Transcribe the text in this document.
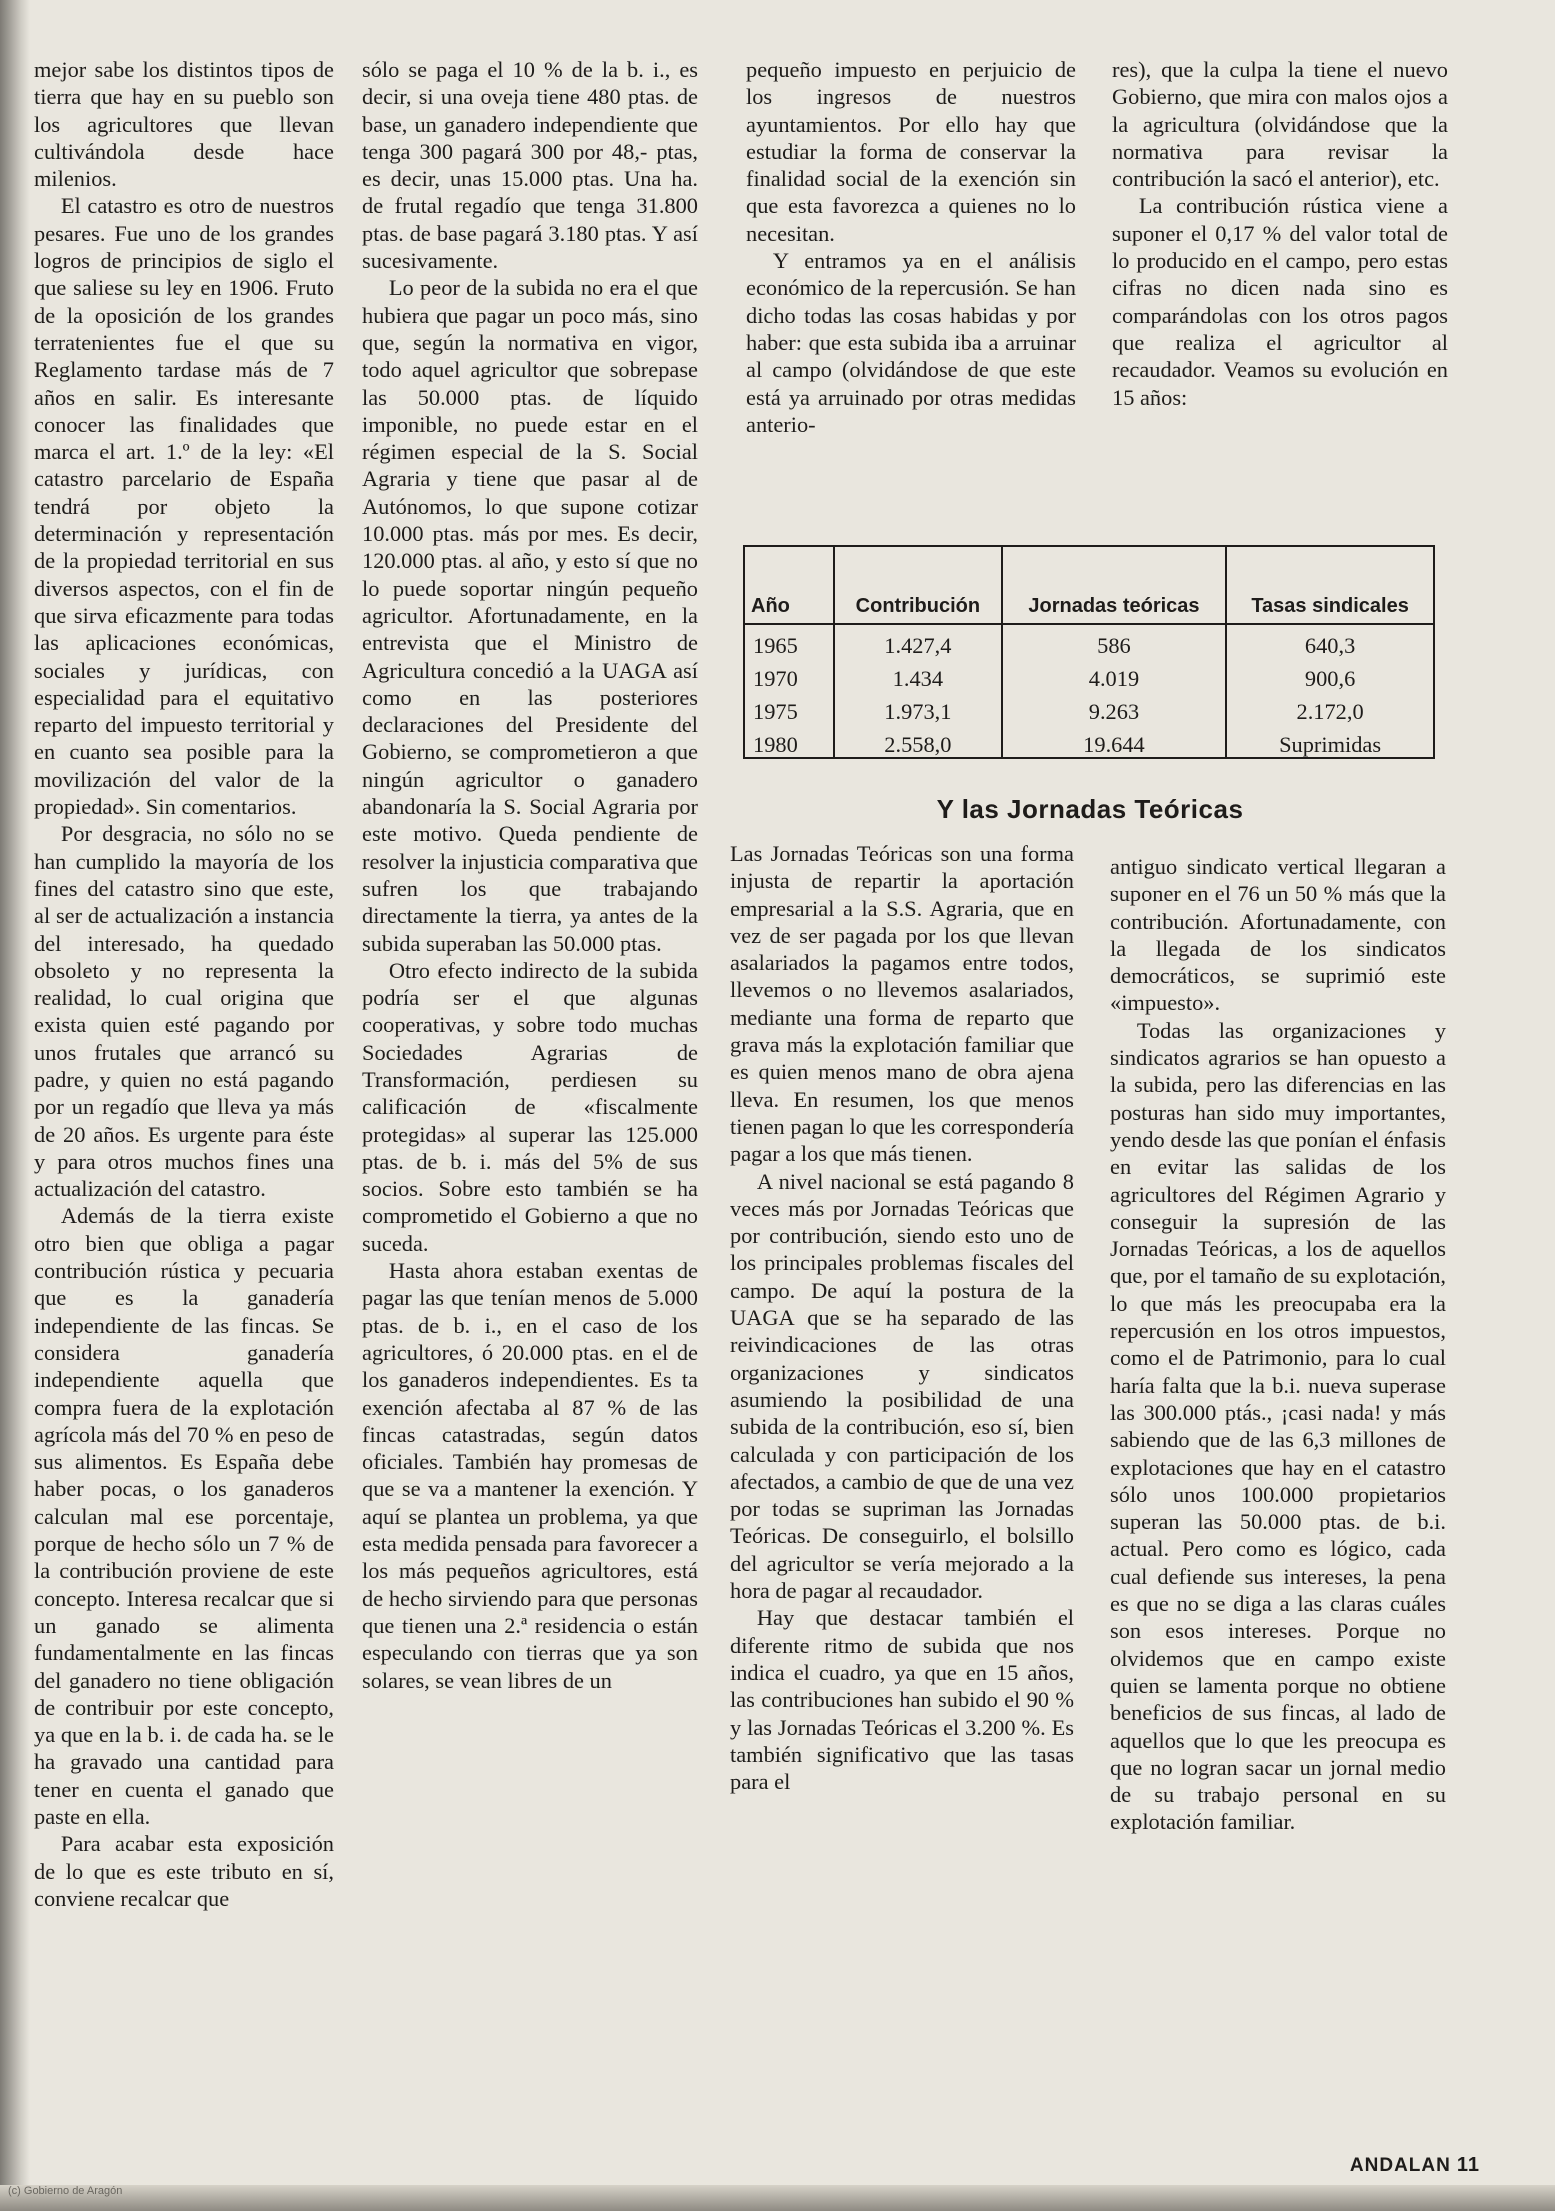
mejor sabe los distintos tipos de tierra que hay en su pueblo son los agricultores que llevan cultivándola desde hace milenios.

El catastro es otro de nuestros pesares. Fue uno de los grandes logros de principios de siglo el que saliese su ley en 1906. Fruto de la oposición de los grandes terratenientes fue el que su Reglamento tardase más de 7 años en salir. Es interesante conocer las finalidades que marca el art. 1.º de la ley: «El catastro parcelario de España tendrá por objeto la determinación y representación de la propiedad territorial en sus diversos aspectos, con el fin de que sirva eficazmente para todas las aplicaciones económicas, sociales y jurídicas, con especialidad para el equitativo reparto del impuesto territorial y en cuanto sea posible para la movilización del valor de la propiedad». Sin comentarios.

Por desgracia, no sólo no se han cumplido la mayoría de los fines del catastro sino que este, al ser de actualización a instancia del interesado, ha quedado obsoleto y no representa la realidad, lo cual origina que exista quien esté pagando por unos frutales que arrancó su padre, y quien no está pagando por un regadío que lleva ya más de 20 años. Es urgente para éste y para otros muchos fines una actualización del catastro.

Además de la tierra existe otro bien que obliga a pagar contribución rústica y pecuaria que es la ganadería independiente de las fincas. Se considera ganadería independiente aquella que compra fuera de la explotación agrícola más del 70 % en peso de sus alimentos. Es España debe haber pocas, o los ganaderos calculan mal ese porcentaje, porque de hecho sólo un 7 % de la contribución proviene de este concepto. Interesa recalcar que si un ganado se alimenta fundamentalmente en las fincas del ganadero no tiene obligación de contribuir por este concepto, ya que en la b. i. de cada ha. se le ha gravado una cantidad para tener en cuenta el ganado que paste en ella.

Para acabar esta exposición de lo que es este tributo en sí, conviene recalcar que

sólo se paga el 10 % de la b. i., es decir, si una oveja tiene 480 ptas. de base, un ganadero independiente que tenga 300 pagará 300 por 48,- ptas, es decir, unas 15.000 ptas. Una ha. de frutal regadío que tenga 31.800 ptas. de base pagará 3.180 ptas. Y así sucesivamente.

Lo peor de la subida no era el que hubiera que pagar un poco más, sino que, según la normativa en vigor, todo aquel agricultor que sobrepase las 50.000 ptas. de líquido imponible, no puede estar en el régimen especial de la S. Social Agraria y tiene que pasar al de Autónomos, lo que supone cotizar 10.000 ptas. más por mes. Es decir, 120.000 ptas. al año, y esto sí que no lo puede soportar ningún pequeño agricultor. Afortunadamente, en la entrevista que el Ministro de Agricultura concedió a la UAGA así como en las posteriores declaraciones del Presidente del Gobierno, se comprometieron a que ningún agricultor o ganadero abandonaría la S. Social Agraria por este motivo. Queda pendiente de resolver la injusticia comparativa que sufren los que trabajando directamente la tierra, ya antes de la subida superaban las 50.000 ptas.

Otro efecto indirecto de la subida podría ser el que algunas cooperativas, y sobre todo muchas Sociedades Agrarias de Transformación, perdiesen su calificación de «fiscalmente protegidas» al superar las 125.000 ptas. de b. i. más del 5% de sus socios. Sobre esto también se ha comprometido el Gobierno a que no suceda.

Hasta ahora estaban exentas de pagar las que tenían menos de 5.000 ptas. de b. i., en el caso de los agricultores, ó 20.000 ptas. en el de los ganaderos independientes. Es ta exención afectaba al 87 % de las fincas catastradas, según datos oficiales. También hay promesas de que se va a mantener la exención. Y aquí se plantea un problema, ya que esta medida pensada para favorecer a los más pequeños agricultores, está de hecho sirviendo para que personas que tienen una 2.ª residencia o están especulando con tierras que ya son solares, se vean libres de un

pequeño impuesto en perjuicio de los ingresos de nuestros ayuntamientos. Por ello hay que estudiar la forma de conservar la finalidad social de la exención sin que esta favorezca a quienes no lo necesitan.

Y entramos ya en el análisis económico de la repercusión. Se han dicho todas las cosas habidas y por haber: que esta subida iba a arruinar al campo (olvidándose de que este está ya arruinado por otras medidas anterio-

res), que la culpa la tiene el nuevo Gobierno, que mira con malos ojos a la agricultura (olvidándose que la normativa para revisar la contribución la sacó el anterior), etc.

La contribución rústica viene a suponer el 0,17 % del valor total de lo producido en el campo, pero estas cifras no dicen nada sino es comparándolas con los otros pagos que realiza el agricultor al recaudador. Veamos su evolución en 15 años:

Año	Contribución	Jornadas teóricas	Tasas sindicales
1965	1.427,4	586	640,3
1970	1.434	4.019	900,6
1975	1.973,1	9.263	2.172,0
1980	2.558,0	19.644	Suprimidas
Y las Jornadas Teóricas

Las Jornadas Teóricas son una forma injusta de repartir la aportación empresarial a la S.S. Agraria, que en vez de ser pagada por los que llevan asalariados la pagamos entre todos, llevemos o no llevemos asalariados, mediante una forma de reparto que grava más la explotación familiar que es quien menos mano de obra ajena lleva. En resumen, los que menos tienen pagan lo que les correspondería pagar a los que más tienen.

A nivel nacional se está pagando 8 veces más por Jornadas Teóricas que por contribución, siendo esto uno de los principales problemas fiscales del campo. De aquí la postura de la UAGA que se ha separado de las reivindicaciones de las otras organizaciones y sindicatos asumiendo la posibilidad de una subida de la contribución, eso sí, bien calculada y con participación de los afectados, a cambio de que de una vez por todas se supriman las Jornadas Teóricas. De conseguirlo, el bolsillo del agricultor se vería mejorado a la hora de pagar al recaudador.

Hay que destacar también el diferente ritmo de subida que nos indica el cuadro, ya que en 15 años, las contribuciones han subido el 90 % y las Jornadas Teóricas el 3.200 %. Es también significativo que las tasas para el

antiguo sindicato vertical llegaran a suponer en el 76 un 50 % más que la contribución. Afortunadamente, con la llegada de los sindicatos democráticos, se suprimió este «impuesto».

Todas las organizaciones y sindicatos agrarios se han opuesto a la subida, pero las diferencias en las posturas han sido muy importantes, yendo desde las que ponían el énfasis en evitar las salidas de los agricultores del Régimen Agrario y conseguir la supresión de las Jornadas Teóricas, a los de aquellos que, por el tamaño de su explotación, lo que más les preocupaba era la repercusión en los otros impuestos, como el de Patrimonio, para lo cual haría falta que la b.i. nueva superase las 300.000 ptás., ¡casi nada! y más sabiendo que de las 6,3 millones de explotaciones que hay en el catastro sólo unos 100.000 propietarios superan las 50.000 ptas. de b.i. actual. Pero como es lógico, cada cual defiende sus intereses, la pena es que no se diga a las claras cuáles son esos intereses. Porque no olvidemos que en campo existe quien se lamenta porque no obtiene beneficios de sus fincas, al lado de aquellos que lo que les preocupa es que no logran sacar un jornal medio de su trabajo personal en su explotación familiar.

ANDALAN 11
(c) Gobierno de Aragón
